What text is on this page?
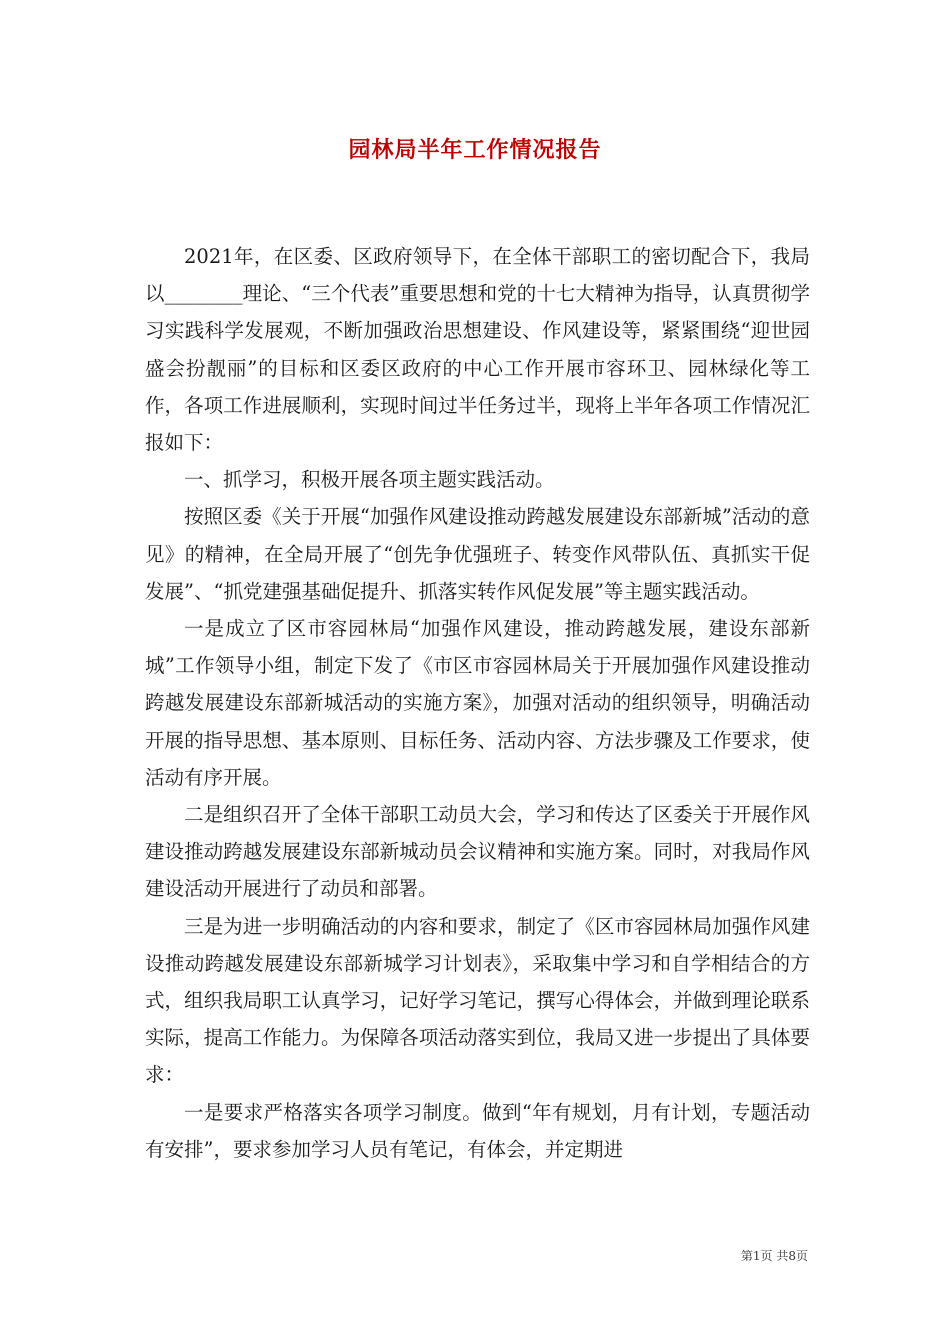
园林局半年工作情况报告

2021年，在区委、区政府领导下，在全体干部职工的密切配合下，我局以________理论、“三个代表”重要思想和党的十七大精神为指导，认真贯彻学习实践科学发展观，不断加强政治思想建设、作风建设等，紧紧围绕“迎世园盛会扮靓丽”的目标和区委区政府的中心工作开展市容环卫、园林绿化等工作，各项工作进展顺利，实现时间过半任务过半，现将上半年各项工作情况汇报如下：

一、抓学习，积极开展各项主题实践活动。

按照区委《关于开展“加强作风建设推动跨越发展建设东部新城”活动的意见》的精神，在全局开展了“创先争优强班子、转变作风带队伍、真抓实干促发展”、“抓党建强基础促提升、抓落实转作风促发展”等主题实践活动。

一是成立了区市容园林局“加强作风建设，推动跨越发展，建设东部新城”工作领导小组，制定下发了《市区市容园林局关于开展加强作风建设推动跨越发展建设东部新城活动的实施方案》，加强对活动的组织领导，明确活动开展的指导思想、基本原则、目标任务、活动内容、方法步骤及工作要求，使活动有序开展。

二是组织召开了全体干部职工动员大会，学习和传达了区委关于开展作风建设推动跨越发展建设东部新城动员会议精神和实施方案。同时，对我局作风建设活动开展进行了动员和部署。

三是为进一步明确活动的内容和要求，制定了《区市容园林局加强作风建设推动跨越发展建设东部新城学习计划表》，采取集中学习和自学相结合的方式，组织我局职工认真学习，记好学习笔记，撰写心得体会，并做到理论联系实际，提高工作能力。为保障各项活动落实到位，我局又进一步提出了具体要求：

一是要求严格落实各项学习制度。做到“年有规划，月有计划，专题活动有安排”，要求参加学习人员有笔记，有体会，并定期进

第1页 共8页
